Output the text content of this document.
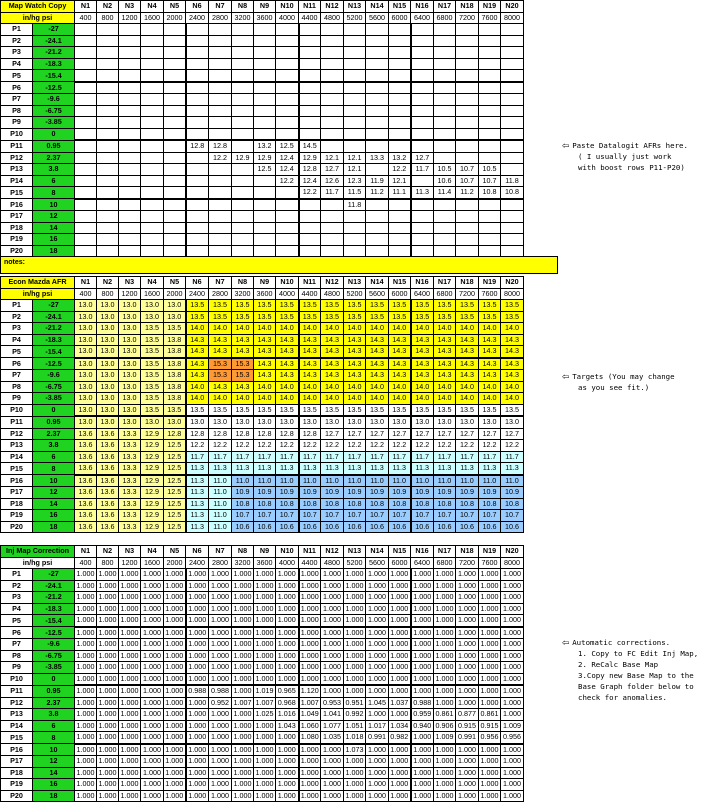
Map Watch Copy		N1	N2	N3	N4	N5	N6	N7	N8	N9	N10	N11	N12	N13	N14	N15	N16	N17	N18	N19	N20
in/hg psi		400	800	1200	1600	2000	2400	2800	3200	3600	4000	4400	4800	5200	5600	6000	6400	6800	7200	7600	8000
P1	-27																				
P2	-24.1																				
P3	-21.2																				
P4	-18.3																				
P5	-15.4																				
P6	-12.5																				
P7	-9.6																				
P8	-6.75																				
P9	-3.85																				
P10	0																				
P11	0.95						12.8	12.8		13.2	12.5	14.5									
P12	2.37							12.2	12.9	12.9	12.4	12.9	12.1	12.1	13.3	13.2	12.7				
P13	3.8									12.5	12.4	12.8	12.7	12.1		12.2	11.7	10.5	10.7	10.5	
P14	6										12.2	12.4	12.6	12.3	11.9	12.1		10.6	10.7	10.7	11.8
P15	8											12.2	11.7	11.5	11.2	11.1	11.3	11.4	11.2	10.8	10.8
P16	10													11.8							
P17	12																				
P18	14																				
P19	16																				
P20	18																				
notes:
Econ Mazda AFR		N1	N2	N3	N4	N5	N6	N7	N8	N9	N10	N11	N12	N13	N14	N15	N16	N17	N18	N19	N20
in/hg psi		400	800	1200	1600	2000	2400	2800	3200	3600	4000	4400	4800	5200	5600	6000	6400	6800	7200	7600	8000
P1	-27	13.0	13.0	13.0	13.0	13.0	13.5	13.5	13.5	13.5	13.5	13.5	13.5	13.5	13.5	13.5	13.5	13.5	13.5	13.5	13.5
P2	-24.1	13.0	13.0	13.0	13.0	13.0	13.5	13.5	13.5	13.5	13.5	13.5	13.5	13.5	13.5	13.5	13.5	13.5	13.5	13.5	13.5
P3	-21.2	13.0	13.0	13.0	13.5	13.5	14.0	14.0	14.0	14.0	14.0	14.0	14.0	14.0	14.0	14.0	14.0	14.0	14.0	14.0	14.0
P4	-18.3	13.0	13.0	13.0	13.5	13.8	14.3	14.3	14.3	14.3	14.3	14.3	14.3	14.3	14.3	14.3	14.3	14.3	14.3	14.3	14.3
P5	-15.4	13.0	13.0	13.0	13.5	13.8	14.3	14.3	14.3	14.3	14.3	14.3	14.3	14.3	14.3	14.3	14.3	14.3	14.3	14.3	14.3
P6	-12.5	13.0	13.0	13.0	13.5	13.8	14.3	15.3	15.3	14.3	14.3	14.3	14.3	14.3	14.3	14.3	14.3	14.3	14.3	14.3	14.3
P7	-9.6	13.0	13.0	13.0	13.5	13.8	14.3	15.3	15.3	14.3	14.3	14.3	14.3	14.3	14.3	14.3	14.3	14.3	14.3	14.3	14.3
P8	-6.75	13.0	13.0	13.0	13.5	13.8	14.0	14.3	14.3	14.0	14.0	14.0	14.0	14.0	14.0	14.0	14.0	14.0	14.0	14.0	14.0
P9	-3.85	13.0	13.0	13.0	13.5	13.8	14.0	14.0	14.0	14.0	14.0	14.0	14.0	14.0	14.0	14.0	14.0	14.0	14.0	14.0	14.0
P10	0	13.0	13.0	13.0	13.5	13.5	13.5	13.5	13.5	13.5	13.5	13.5	13.5	13.5	13.5	13.5	13.5	13.5	13.5	13.5	13.5
P11	0.95	13.0	13.0	13.0	13.0	13.0	13.0	13.0	13.0	13.0	13.0	13.0	13.0	13.0	13.0	13.0	13.0	13.0	13.0	13.0	13.0
P12	2.37	13.6	13.6	13.3	12.9	12.8	12.8	12.8	12.8	12.8	12.8	12.8	12.7	12.7	12.7	12.7	12.7	12.7	12.7	12.7	12.7
P13	3.8	13.6	13.6	13.3	12.9	12.5	12.2	12.2	12.2	12.2	12.2	12.2	12.2	12.2	12.2	12.2	12.2	12.2	12.2	12.2	12.2
P14	6	13.6	13.6	13.3	12.9	12.5	11.7	11.7	11.7	11.7	11.7	11.7	11.7	11.7	11.7	11.7	11.7	11.7	11.7	11.7	11.7
P15	8	13.6	13.6	13.3	12.9	12.5	11.3	11.3	11.3	11.3	11.3	11.3	11.3	11.3	11.3	11.3	11.3	11.3	11.3	11.3	11.3
P16	10	13.6	13.6	13.3	12.9	12.5	11.3	11.0	11.0	11.0	11.0	11.0	11.0	11.0	11.0	11.0	11.0	11.0	11.0	11.0	11.0
P17	12	13.6	13.6	13.3	12.9	12.5	11.3	11.0	10.9	10.9	10.9	10.9	10.9	10.9	10.9	10.9	10.9	10.9	10.9	10.9	10.9
P18	14	13.6	13.6	13.3	12.9	12.5	11.3	11.0	10.8	10.8	10.8	10.8	10.8	10.8	10.8	10.8	10.8	10.8	10.8	10.8	10.8
P19	16	13.6	13.6	13.3	12.9	12.5	11.3	11.0	10.7	10.7	10.7	10.7	10.7	10.7	10.7	10.7	10.7	10.7	10.7	10.7	10.7
P20	18	13.6	13.6	13.3	12.9	12.5	11.3	11.0	10.6	10.6	10.6	10.6	10.6	10.6	10.6	10.6	10.6	10.6	10.6	10.6	10.6
Inj Map Correction		N1	N2	N3	N4	N5	N6	N7	N8	N9	N10	N11	N12	N13	N14	N15	N16	N17	N18	N19	N20
in/hg psi		400	800	1200	1600	2000	2400	2800	3200	3600	4000	4400	4800	5200	5600	6000	6400	6800	7200	7600	8000
P1	-27	1.000	1.000	1.000	1.000	1.000	1.000	1.000	1.000	1.000	1.000	1.000	1.000	1.000	1.000	1.000	1.000	1.000	1.000	1.000	1.000
P2	-24.1	1.000	1.000	1.000	1.000	1.000	1.000	1.000	1.000	1.000	1.000	1.000	1.000	1.000	1.000	1.000	1.000	1.000	1.000	1.000	1.000
P3	-21.2	1.000	1.000	1.000	1.000	1.000	1.000	1.000	1.000	1.000	1.000	1.000	1.000	1.000	1.000	1.000	1.000	1.000	1.000	1.000	1.000
P4	-18.3	1.000	1.000	1.000	1.000	1.000	1.000	1.000	1.000	1.000	1.000	1.000	1.000	1.000	1.000	1.000	1.000	1.000	1.000	1.000	1.000
P5	-15.4	1.000	1.000	1.000	1.000	1.000	1.000	1.000	1.000	1.000	1.000	1.000	1.000	1.000	1.000	1.000	1.000	1.000	1.000	1.000	1.000
P6	-12.5	1.000	1.000	1.000	1.000	1.000	1.000	1.000	1.000	1.000	1.000	1.000	1.000	1.000	1.000	1.000	1.000	1.000	1.000	1.000	1.000
P7	-9.6	1.000	1.000	1.000	1.000	1.000	1.000	1.000	1.000	1.000	1.000	1.000	1.000	1.000	1.000	1.000	1.000	1.000	1.000	1.000	1.000
P8	-6.75	1.000	1.000	1.000	1.000	1.000	1.000	1.000	1.000	1.000	1.000	1.000	1.000	1.000	1.000	1.000	1.000	1.000	1.000	1.000	1.000
P9	-3.85	1.000	1.000	1.000	1.000	1.000	1.000	1.000	1.000	1.000	1.000	1.000	1.000	1.000	1.000	1.000	1.000	1.000	1.000	1.000	1.000
P10	0	1.000	1.000	1.000	1.000	1.000	1.000	1.000	1.000	1.000	1.000	1.000	1.000	1.000	1.000	1.000	1.000	1.000	1.000	1.000	1.000
P11	0.95	1.000	1.000	1.000	1.000	1.000	0.988	0.988	1.000	1.019	0.965	1.120	1.000	1.000	1.000	1.000	1.000	1.000	1.000	1.000	1.000
P12	2.37	1.000	1.000	1.000	1.000	1.000	1.000	0.952	1.007	1.007	0.968	1.007	0.953	0.951	1.045	1.037	0.988	1.000	1.000	1.000	1.000
P13	3.8	1.000	1.000	1.000	1.000	1.000	1.000	1.000	1.000	1.025	1.016	1.049	1.041	0.992	1.000	1.000	0.959	0.861	0.877	0.861	1.000
P14	6	1.000	1.000	1.000	1.000	1.000	1.000	1.000	1.000	1.000	1.043	1.060	1.077	1.051	1.017	1.034	0.940	0.906	0.915	0.915	1.009
P15	8	1.000	1.000	1.000	1.000	1.000	1.000	1.000	1.000	1.000	1.000	1.080	1.035	1.018	0.991	0.982	1.000	1.009	0.991	0.956	0.956
P16	10	1.000	1.000	1.000	1.000	1.000	1.000	1.000	1.000	1.000	1.000	1.000	1.000	1.073	1.000	1.000	1.000	1.000	1.000	1.000	1.000
P17	12	1.000	1.000	1.000	1.000	1.000	1.000	1.000	1.000	1.000	1.000	1.000	1.000	1.000	1.000	1.000	1.000	1.000	1.000	1.000	1.000
P18	14	1.000	1.000	1.000	1.000	1.000	1.000	1.000	1.000	1.000	1.000	1.000	1.000	1.000	1.000	1.000	1.000	1.000	1.000	1.000	1.000
P19	16	1.000	1.000	1.000	1.000	1.000	1.000	1.000	1.000	1.000	1.000	1.000	1.000	1.000	1.000	1.000	1.000	1.000	1.000	1.000	1.000
P20	18	1.000	1.000	1.000	1.000	1.000	1.000	1.000	1.000	1.000	1.000	1.000	1.000	1.000	1.000	1.000	1.000	1.000	1.000	1.000	1.000
⇦ Paste Datalogit AFRs here.
( I usually just work
with boost rows P11-P20)
⇦ Targets (You may change
as you see fit.)
⇦ Automatic corrections.
1. Copy to FC Edit Inj Map,
2. ReCalc Base Map
3.Copy new Base Map to the
Base Graph folder below to
check for anomalies.
